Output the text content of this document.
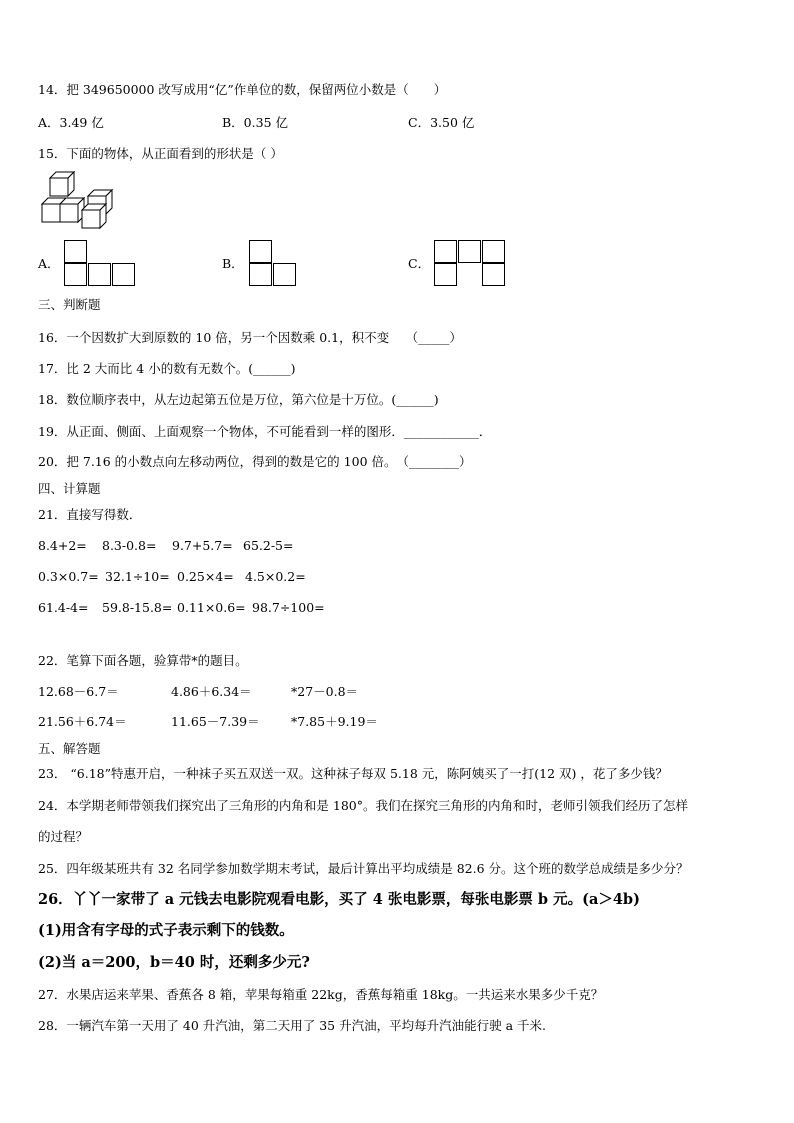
14．把 349650000 改写成用“亿”作单位的数，保留两位小数是（　　）
A．3.49 亿	B．0.35 亿	C．3.50 亿
15．下面的物体，从正面看到的形状是（ ）
A．	B．	C．
三、判断题
16．一个因数扩大到原数的 10 倍，另一个因数乘 0.1，积不变　 （_____）
17．比 2 大而比 4 小的数有无数个。(______)
18．数位顺序表中，从左边起第五位是万位，第六位是十万位。(______)
19．从正面、侧面、上面观察一个物体，不可能看到一样的图形．____________．
20．把 7.16 的小数点向左移动两位，得到的数是它的 100 倍。　（________）
四、计算题
21．直接写得数．
8.4+2= 8.3-0.8= 9.7+5.7= 65.2-5=
0.3×0.7= 32.1÷10= 0.25×4= 4.5×0.2=
61.4-4= 59.8-15.8= 0.11×0.6= 98.7÷100=
22．笔算下面各题，验算带*的题目。
12.68－6.7＝	4.86＋6.34＝	*27－0.8＝
21.56＋6.74＝	11.65－7.39＝	*7.85＋9.19＝
五、解答题
23． “6.18”特惠开启，一种袜子买五双送一双。这种袜子每双 5.18 元，陈阿姨买了一打(12 双) ，花了多少钱？
24．本学期老师带领我们探究出了三角形的内角和是 180°。我们在探究三角形的内角和时，老师引领我们经历了怎样
的过程？
25．四年级某班共有 32 名同学参加数学期末考试，最后计算出平均成绩是 82.6 分。这个班的数学总成绩是多少分？
26．丫丫一家带了 a 元钱去电影院观看电影，买了 4 张电影票，每张电影票 b 元。(a＞4b)
(1)用含有字母的式子表示剩下的钱数。
(2)当 a＝200，b＝40 时，还剩多少元?
27．水果店运来苹果、香蕉各 8 箱，苹果每箱重 22kg，香蕉每箱重 18kg。一共运来水果多少千克？
28．一辆汽车第一天用了 40 升汽油，第二天用了 35 升汽油，平均每升汽油能行驶 a 千米.
